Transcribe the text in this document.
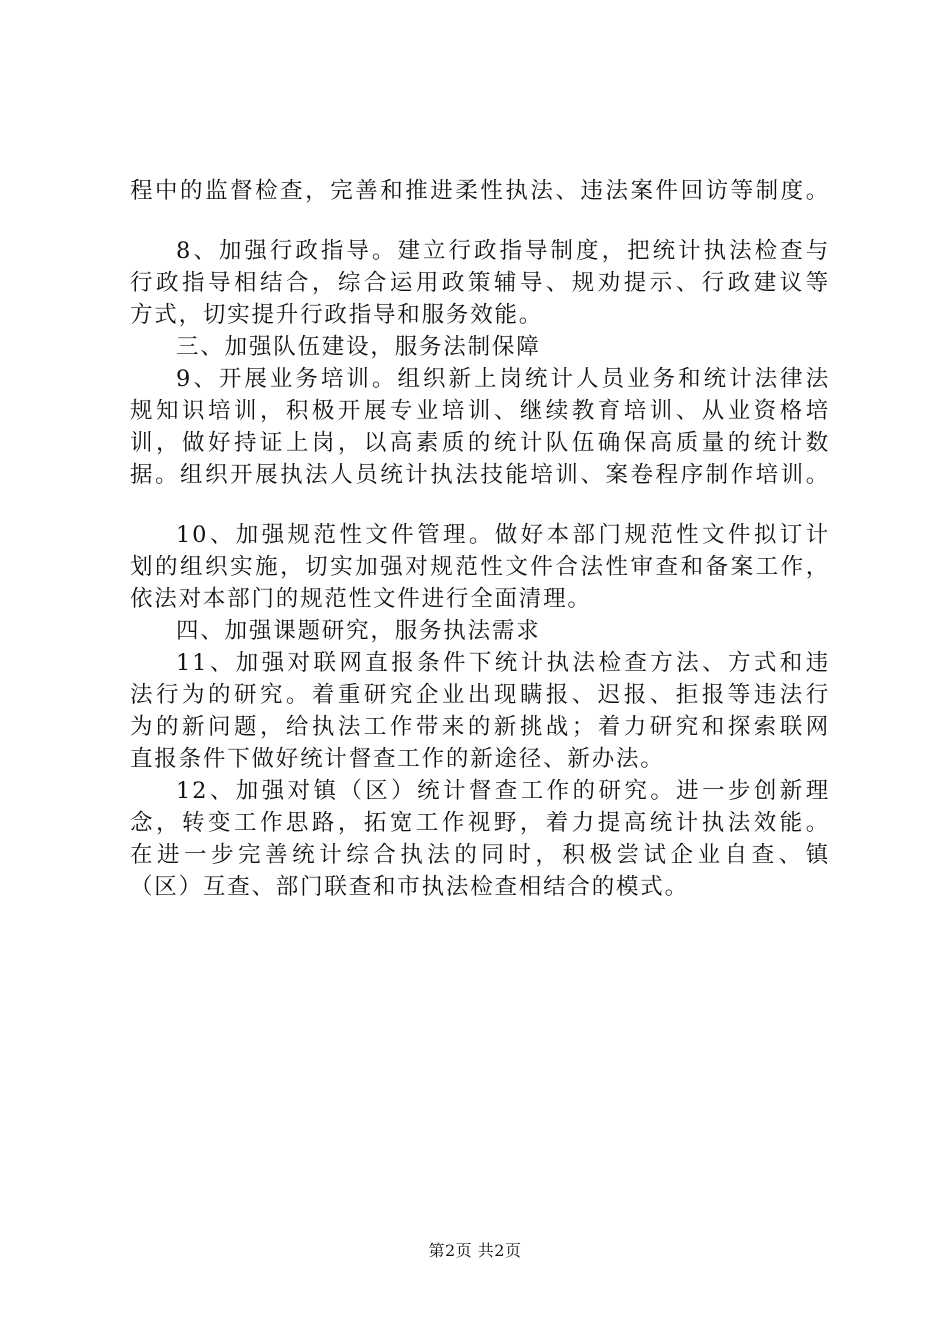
程中的监督检查，完善和推进柔性执法、违法案件回访等制度。
8、加强行政指导。建立行政指导制度，把统计执法检查与
行政指导相结合，综合运用政策辅导、规劝提示、行政建议等
方式，切实提升行政指导和服务效能。
三、加强队伍建设，服务法制保障
9、开展业务培训。组织新上岗统计人员业务和统计法律法
规知识培训，积极开展专业培训、继续教育培训、从业资格培
训，做好持证上岗，以高素质的统计队伍确保高质量的统计数
据。组织开展执法人员统计执法技能培训、案卷程序制作培训。
10、加强规范性文件管理。做好本部门规范性文件拟订计
划的组织实施，切实加强对规范性文件合法性审查和备案工作，
依法对本部门的规范性文件进行全面清理。
四、加强课题研究，服务执法需求
11、加强对联网直报条件下统计执法检查方法、方式和违
法行为的研究。着重研究企业出现瞒报、迟报、拒报等违法行
为的新问题，给执法工作带来的新挑战；着力研究和探索联网
直报条件下做好统计督查工作的新途径、新办法。
12、加强对镇（区）统计督查工作的研究。进一步创新理
念，转变工作思路，拓宽工作视野，着力提高统计执法效能。
在进一步完善统计综合执法的同时，积极尝试企业自查、镇
（区）互查、部门联查和市执法检查相结合的模式。
第2页 共2页
